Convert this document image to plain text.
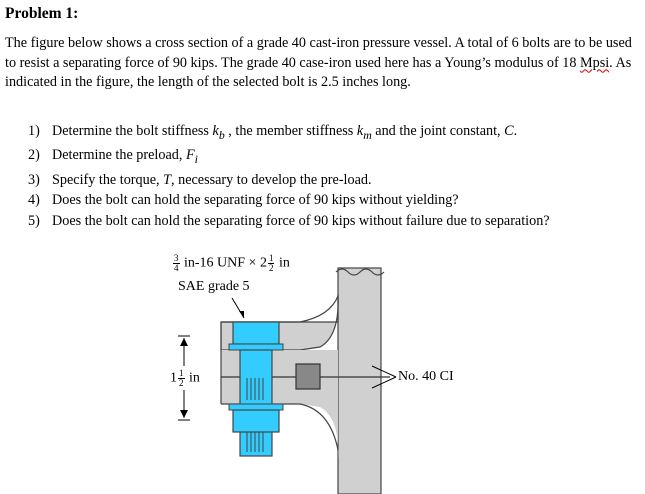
Problem 1:
The figure below shows a cross section of a grade 40 cast-iron pressure vessel. A total of 6 bolts are to be used to resist a separating force of 90 kips. The grade 40 case-iron used here has a Young’s modulus of 18 Mpsi. As indicated in the figure, the length of the selected bolt is 2.5 inches long.
1) Determine the bolt stiffness $k_b$ , the member stiffness $k_m$ and the joint constant, C.
2) Determine the preload, $F_i$
3) Specify the torque, T, necessary to develop the pre-load.
4) Does the bolt can hold the separating force of 90 kips without yielding?
5) Does the bolt can hold the separating force of 90 kips without failure due to separation?
$\frac{3}{4} in-16$ UNF × $2 \frac{1}{2}$ in
SAE grade 5
$1 \frac{1}{2}$ in	No. 40 CI
